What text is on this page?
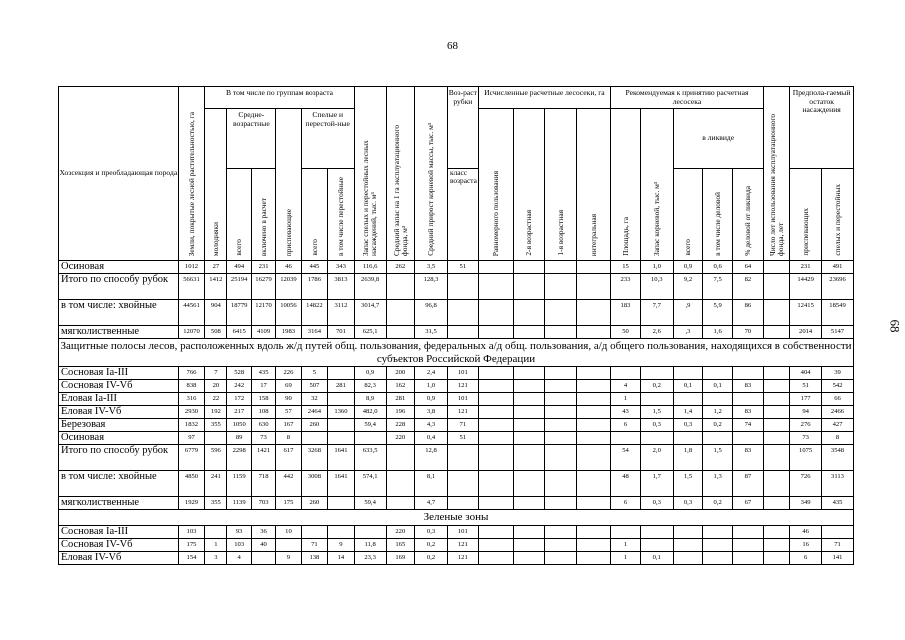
68
68
Хозсекция и преобладающая порода	Земли, покрытые лесной растительностью, га	В том числе по группам возраста						Запас спелых и перестойных лесных насаждений, тыс. м³	Средний запас на 1 га эксплуатационного фонда, м³	Средний прирост корневой массы, тыс. м³	Воз-раст рубки	Исчисленные расчетные лесосеки, га				Рекомендуемая к принятию расчетная лесосека					Число лет использования эксплуатационного фонда, лет	Предпола-гаемый остаток насаждения	
		молодняки	Средне-возрастные		приспевающие	Спелые и перестой-ные						Равномерного пользования	2-я возрастная	1-я возрастная	интегральная	Площадь, га	Запас корневой, тыс. м³	в ликвиде					
			всего	включено в расчет		всего	в том числе перестойные				класс возраста							всего	в том числе деловой	% деловой от ликвида		приспевающих	спелых и перестойных
Осиновая	1012	27	494	231	46	445	343	116,6	262	3,5	51					15	1,0	0,9	0,6	64		231	491
Итого по способу рубок	56631	1412	25194	16279	12039	1786	3813	2639,8		128,3						233	10,3	9,2	7,5	82		14429	23696
в том числе: хвойные	44561	904	18779	12170	10056	14822	3112	3014,7		96,8						183	7,7	,9	5,9	86		12415	18549
мягколиственные	12070	508	6415	4109	1983	3164	701	625,1		31,5						50	2,6	,3	1,6	70		2014	5147
Защитные полосы лесов, расположенных вдоль ж/д путей общ. пользования, федеральных а/д общ. пользования, а/д общего пользования, находящихся в собственности субъектов Российской Федерации																							
Сосновая Iа-III	766	7	528	435	226	5		0,9	200	2,4	101											404	39
Сосновая IV-Vб	838	20	242	17	69	507	281	82,3	162	1,0	121					4	0,2	0,1	0,1	83		51	542
Еловая Iа-III	316	22	172	158	90	32		8,9	281	0,9	101					1						177	66
Еловая IV-Vб	2930	192	217	108	57	2464	1360	482,0	196	3,8	121					43	1,5	1,4	1,2	83		94	2466
Березовая	1832	355	1050	630	167	260		59,4	228	4,3	71					6	0,3	0,3	0,2	74		276	427
Осиновая	97		89	73	8				220	0,4	51											73	8
Итого по способу рубок	6779	596	2298	1421	617	3268	1641	633,5		12,8						54	2,0	1,8	1,5	83		1075	3548
в том числе: хвойные	4850	241	1159	718	442	3008	1641	574,1		8,1						48	1,7	1,5	1,3	87		726	3113
мягколиственные	1929	355	1139	703	175	260		59,4		4,7						6	0,3	0,3	0,2	67		349	435
Зеленые зоны																							
Сосновая Iа-III	103		93	36	10				220	0,3	101											46	
Сосновая IV-Vб	175	1	103	40		71	9	11,8	165	0,2	121					1						16	71
Еловая IV-Vб	154	3	4		9	138	14	23,3	169	0,2	121					1	0,1					6	141
